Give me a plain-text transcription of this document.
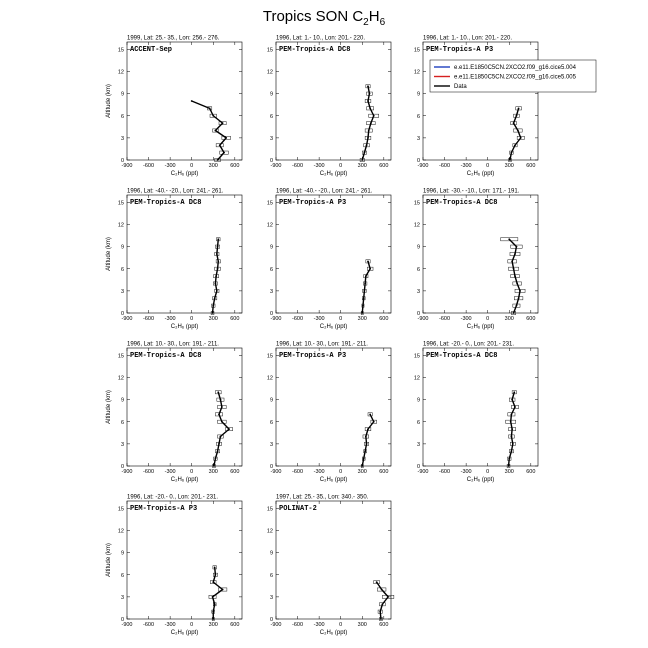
Tropics SON $C_2H_6$
1999, Lat: 25.- 35., Lon: 256.- 276.
ACCENT-Sep
0
3
6
9
12
15
-900 -600 -300	0	300 600
C₂H₆ (ppt)
Altitude (km)
1996, Lat: 1.- 10., Lon: 201.- 220.
PEM-Tropics-A DC8
0
3
6
9
12
15
-900 -600 -300	0	300 600
C₂H₆ (ppt)
1996, Lat: 1.- 10., Lon: 201.- 220.
PEM-Tropics-A P3
0
3
6
9
12
15
-900 -600 -300	0	300 600
C₂H₆ (ppt)
1996, Lat: -40.- -20., Lon: 241.- 261.
PEM-Tropics-A DC8
0
3
6
9
12
15
-900 -600 -300	0	300 600
C₂H₆ (ppt)
Altitude (km)
1996, Lat: -40.- -20., Lon: 241.- 261.
PEM-Tropics-A P3
0
3
6
9
12
15
-900 -600 -300	0	300 600
C₂H₆ (ppt)
1996, Lat: -30.- -10., Lon: 171.- 191.
PEM-Tropics-A DC8
0
3
6
9
12
15
-900 -600 -300	0	300 600
C₂H₆ (ppt)
1996, Lat: 10.- 30., Lon: 191.- 211.
PEM-Tropics-A DC8
0
3
6
9
12
15
-900 -600 -300	0	300 600
C₂H₆ (ppt)
Altitude (km)
1996, Lat: 10.- 30., Lon: 191.- 211.
PEM-Tropics-A P3
0
3
6
9
12
15
-900 -600 -300	0	300 600
C₂H₆ (ppt)
1996, Lat: -20.- 0., Lon: 201.- 231.
PEM-Tropics-A DC8
0
3
6
9
12
15
-900 -600 -300	0	300 600
C₂H₆ (ppt)
1996, Lat: -20.- 0., Lon: 201.- 231.
PEM-Tropics-A P3
0
3
6
9
12
15
-900 -600 -300	0	300 600
C₂H₆ (ppt)
Altitude (km)
1997, Lat: 25.- 35., Lon: 340.- 350.
POLINAT-2
0
3
6
9
12
15
-900 -600 -300	0	300 600
C₂H₆ (ppt)
e.e11.E1850C5CN.2XCO2.f09_g16.cice5.004
e.e11.E1850C5CN.2XCO2.f09_g16.cice5.005
Data
